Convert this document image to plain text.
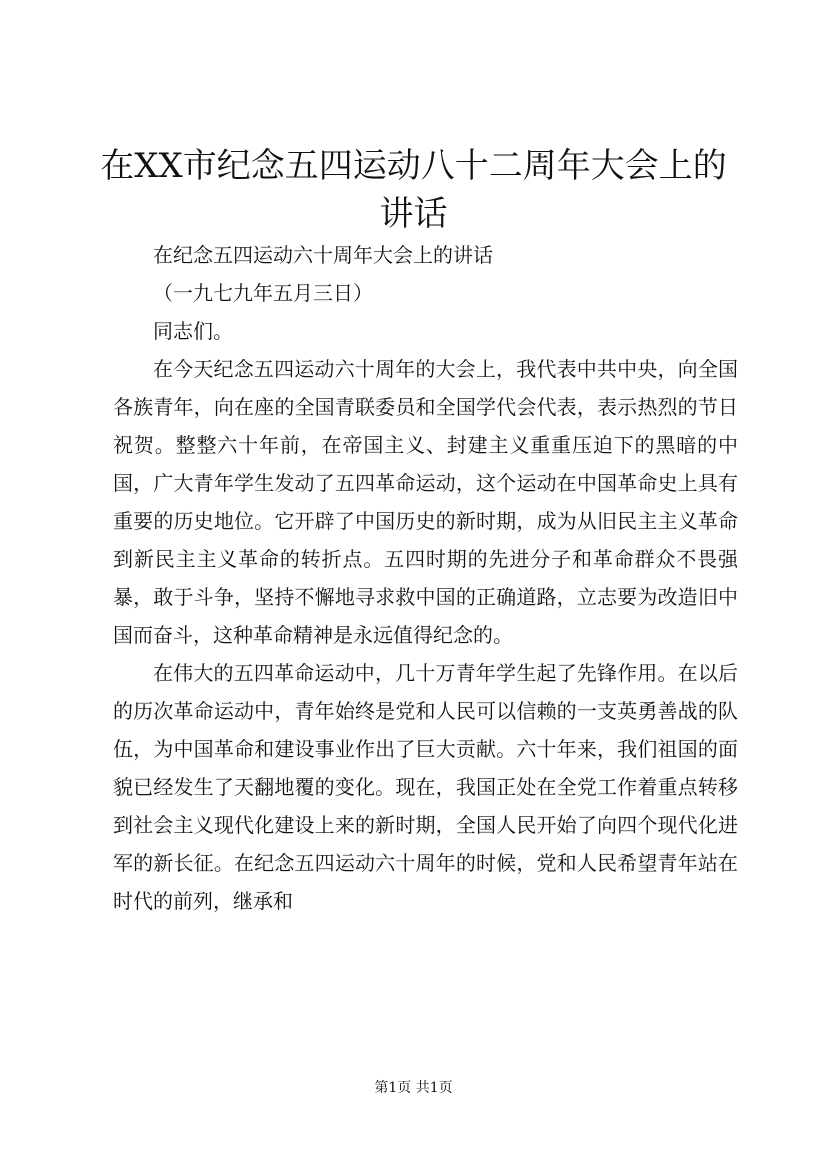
在XX市纪念五四运动八十二周年大会上的讲话

在纪念五四运动六十周年大会上的讲话

（一九七九年五月三日）

同志们。

在今天纪念五四运动六十周年的大会上，我代表中共中央，向全国各族青年，向在座的全国青联委员和全国学代会代表，表示热烈的节日祝贺。整整六十年前，在帝国主义、封建主义重重压迫下的黑暗的中国，广大青年学生发动了五四革命运动，这个运动在中国革命史上具有重要的历史地位。它开辟了中国历史的新时期，成为从旧民主主义革命到新民主主义革命的转折点。五四时期的先进分子和革命群众不畏强暴，敢于斗争，坚持不懈地寻求救中国的正确道路，立志要为改造旧中国而奋斗，这种革命精神是永远值得纪念的。

在伟大的五四革命运动中，几十万青年学生起了先锋作用。在以后的历次革命运动中，青年始终是党和人民可以信赖的一支英勇善战的队伍，为中国革命和建设事业作出了巨大贡献。六十年来，我们祖国的面貌已经发生了天翻地覆的变化。现在，我国正处在全党工作着重点转移到社会主义现代化建设上来的新时期，全国人民开始了向四个现代化进军的新长征。在纪念五四运动六十周年的时候，党和人民希望青年站在时代的前列，继承和

第1页 共1页
